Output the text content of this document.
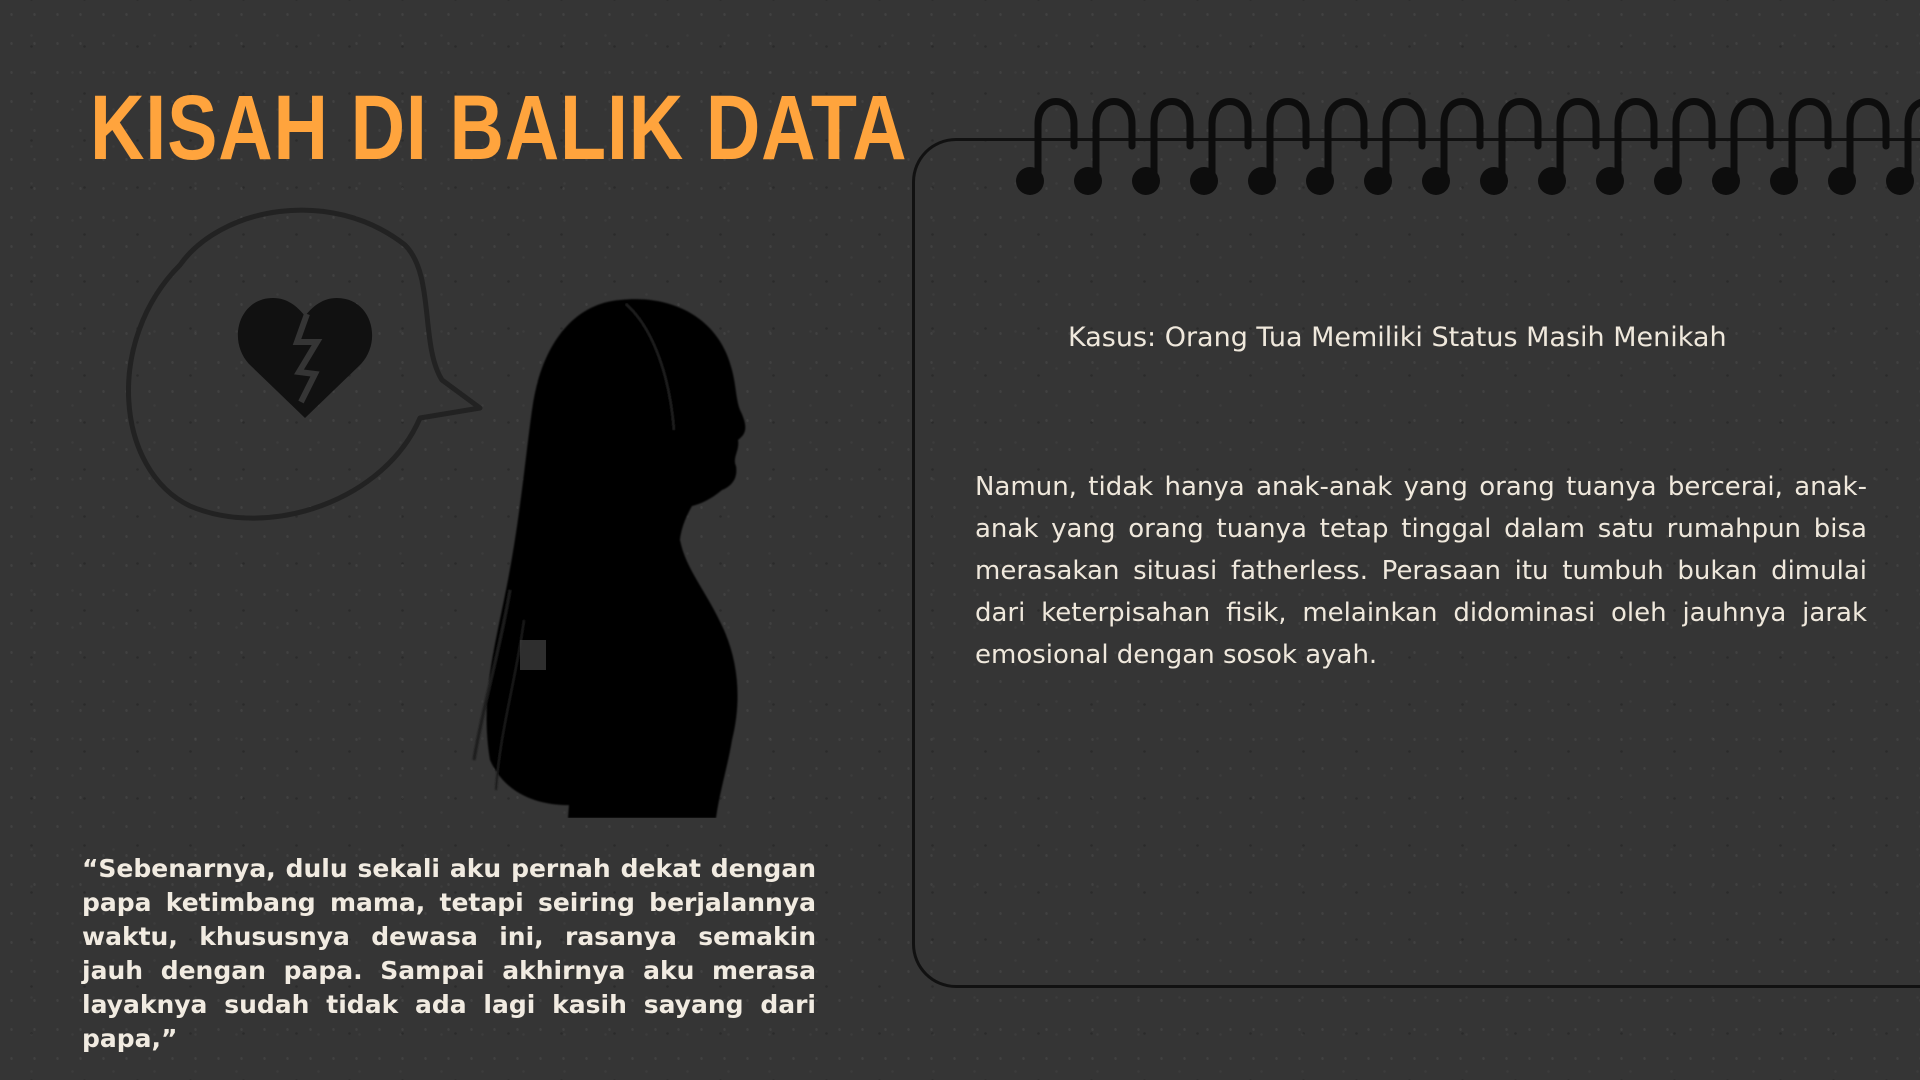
KISAH DI BALIK DATA

“Sebenarnya, dulu sekali aku pernah dekat dengan papa ketimbang mama, tetapi seiring berjalannya waktu, khususnya dewasa ini, rasanya semakin jauh dengan papa. Sampai akhirnya aku merasa layaknya sudah tidak ada lagi kasih sayang dari papa,”

Kasus: Orang Tua Memiliki Status Masih Menikah

Namun, tidak hanya anak-anak yang orang tuanya bercerai, anak-anak yang orang tuanya tetap tinggal dalam satu rumahpun bisa merasakan situasi fatherless. Perasaan itu tumbuh bukan dimulai dari keterpisahan fisik, melainkan didominasi oleh jauhnya jarak emosional dengan sosok ayah.
